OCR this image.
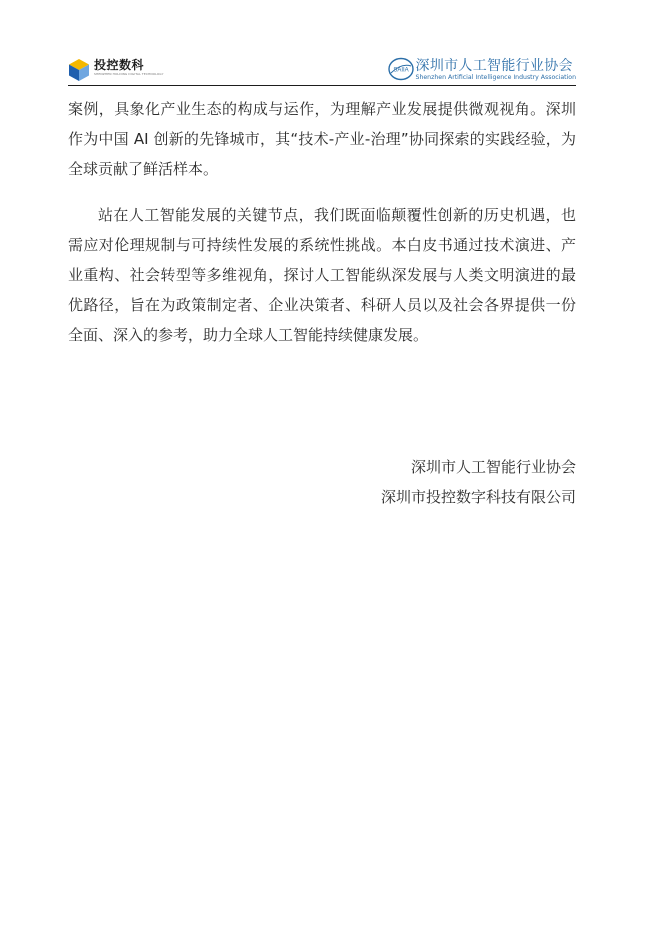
投控数科
SHENZHEN HOLDING DIGITAL TECHNOLOGY
SAIIA 深圳市人工智能行业协会
Shenzhen Artificial Intelligence Industry Association

案例，具象化产业生态的构成与运作，为理解产业发展提供微观视角。深圳作为中国 AI 创新的先锋城市，其“技术-产业-治理”协同探索的实践经验，为全球贡献了鲜活样本。

站在人工智能发展的关键节点，我们既面临颠覆性创新的历史机遇，也需应对伦理规制与可持续性发展的系统性挑战。本白皮书通过技术演进、产业重构、社会转型等多维视角，探讨人工智能纵深发展与人类文明演进的最优路径，旨在为政策制定者、企业决策者、科研人员以及社会各界提供一份全面、深入的参考，助力全球人工智能持续健康发展。

深圳市人工智能行业协会
深圳市投控数字科技有限公司
